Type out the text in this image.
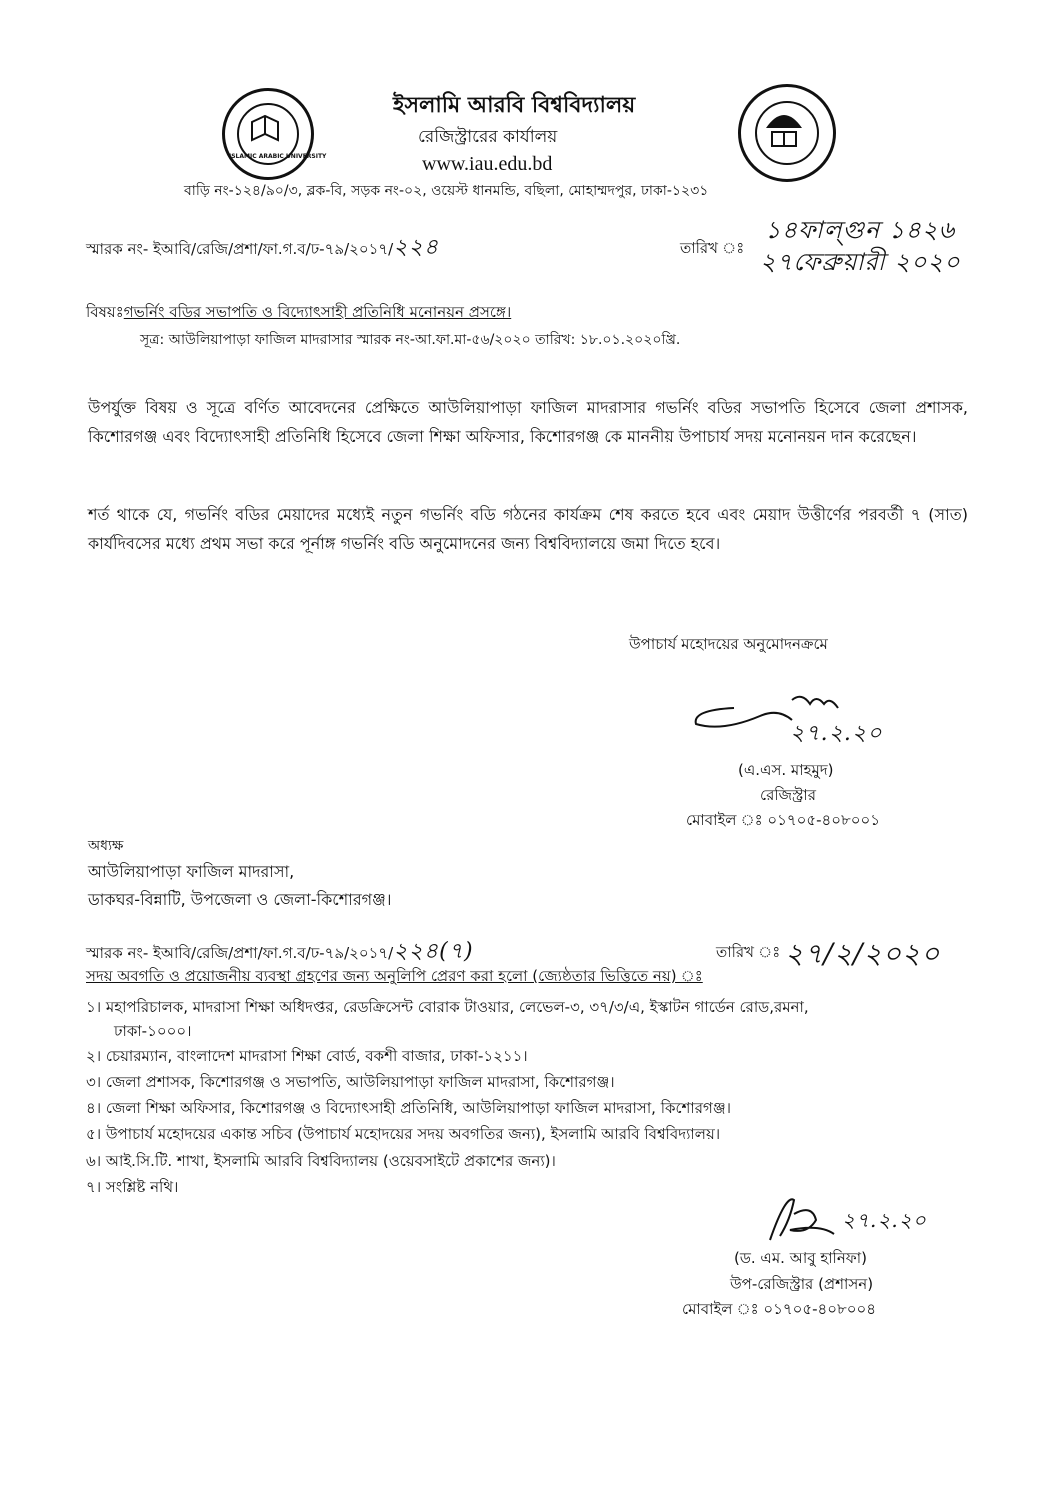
ISLAMIC ARABIC UNIVERSITY
ইসলামি আরবি বিশ্ববিদ্যালয়
রেজিস্ট্রারের কার্যালয়
www.iau.edu.bd
বাড়ি নং-১২৪/৯০/৩, ব্লক-বি, সড়ক নং-০২, ওয়েস্ট ধানমন্ডি, বছিলা, মোহাম্মদপুর, ঢাকা-১২৩১
স্মারক নং- ইআবি/রেজি/প্রশা/ফা.গ.ব/ঢ-৭৯/২০১৭/২২৪	তারিখ ঃ
১৪ফাল্গুন ১৪২৬
২৭ফেব্রুয়ারী ২০২০
বিষয়ঃগভর্নিং বডির সভাপতি ও বিদ্যোৎসাহী প্রতিনিধি মনোনয়ন প্রসঙ্গে।
সূত্র: আউলিয়াপাড়া ফাজিল মাদরাসার স্মারক নং-আ.ফা.মা-৫৬/২০২০ তারিখ: ১৮.০১.২০২০খ্রি.
উপর্যুক্ত বিষয় ও সূত্রে বর্ণিত আবেদনের প্রেক্ষিতে আউলিয়াপাড়া ফাজিল মাদরাসার গভর্নিং বডির সভাপতি হিসেবে জেলা প্রশাসক, কিশোরগঞ্জ এবং বিদ্যোৎসাহী প্রতিনিধি হিসেবে জেলা শিক্ষা অফিসার, কিশোরগঞ্জ কে মাননীয় উপাচার্য সদয় মনোনয়ন দান করেছেন।
শর্ত থাকে যে, গভর্নিং বডির মেয়াদের মধ্যেই নতুন গভর্নিং বডি গঠনের কার্যক্রম শেষ করতে হবে এবং মেয়াদ উত্তীর্ণের পরবর্তী ৭ (সাত) কার্যদিবসের মধ্যে প্রথম সভা করে পূর্নাঙ্গ গভর্নিং বডি অনুমোদনের জন্য বিশ্ববিদ্যালয়ে জমা দিতে হবে।
উপাচার্য মহোদয়ের অনুমোদনক্রমে
২৭.২.২০
(এ.এস. মাহমুদ)
রেজিস্ট্রার
মোবাইল ঃ ০১৭০৫-৪০৮০০১
অধ্যক্ষ
আউলিয়াপাড়া ফাজিল মাদরাসা,
ডাকঘর-বিন্নাটি, উপজেলা ও জেলা-কিশোরগঞ্জ।
স্মারক নং- ইআবি/রেজি/প্রশা/ফা.গ.ব/ঢ-৭৯/২০১৭/২২৪(৭)	তারিখ ঃ ২৭/২/২০২০
সদয় অবগতি ও প্রয়োজনীয় ব্যবস্থা গ্রহণের জন্য অনুলিপি প্রেরণ করা হলো (জ্যেষ্ঠতার ভিত্তিতে নয়) ঃ
১। মহাপরিচালক, মাদরাসা শিক্ষা অধিদপ্তর, রেডক্রিসেন্ট বোরাক টাওয়ার, লেভেল-৩, ৩৭/৩/এ, ইস্কাটন গার্ডেন রোড,রমনা,
ঢাকা-১০০০।
২। চেয়ারম্যান, বাংলাদেশ মাদরাসা শিক্ষা বোর্ড, বকশী বাজার, ঢাকা-১২১১।
৩। জেলা প্রশাসক, কিশোরগঞ্জ ও সভাপতি, আউলিয়াপাড়া ফাজিল মাদরাসা, কিশোরগঞ্জ।
৪। জেলা শিক্ষা অফিসার, কিশোরগঞ্জ ও বিদ্যোৎসাহী প্রতিনিধি, আউলিয়াপাড়া ফাজিল মাদরাসা, কিশোরগঞ্জ।
৫। উপাচার্য মহোদয়ের একান্ত সচিব (উপাচার্য মহোদয়ের সদয় অবগতির জন্য), ইসলামি আরবি বিশ্ববিদ্যালয়।
৬। আই.সি.টি. শাখা, ইসলামি আরবি বিশ্ববিদ্যালয় (ওয়েবসাইটে প্রকাশের জন্য)।
৭। সংশ্লিষ্ট নথি।
২৭.২.২০
(ড. এম. আবু হানিফা)
উপ-রেজিস্ট্রার (প্রশাসন)
মোবাইল ঃ ০১৭০৫-৪০৮০০৪
